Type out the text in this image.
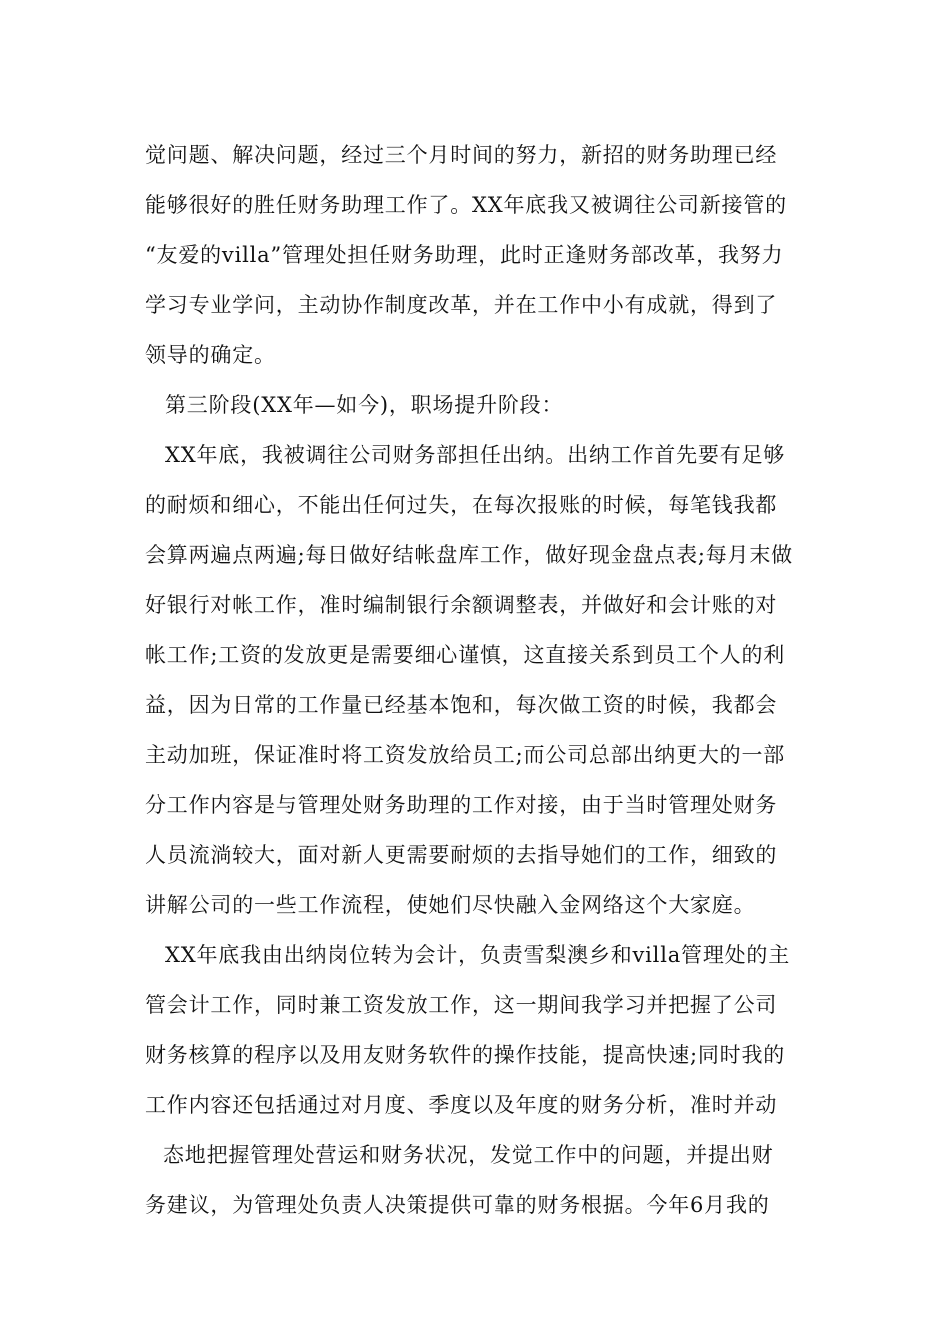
觉问题、解决问题，经过三个月时间的努力，新招的财务助理已经
能够很好的胜任财务助理工作了。XX年底我又被调往公司新接管的
“友爱的villa”管理处担任财务助理，此时正逢财务部改革，我努力
学习专业学问，主动协作制度改革，并在工作中小有成就，得到了
领导的确定。
第三阶段(XX年—如今)，职场提升阶段：
XX年底，我被调往公司财务部担任出纳。出纳工作首先要有足够
的耐烦和细心，不能出任何过失，在每次报账的时候，每笔钱我都
会算两遍点两遍;每日做好结帐盘库工作，做好现金盘点表;每月末做
好银行对帐工作，准时编制银行余额调整表，并做好和会计账的对
帐工作;工资的发放更是需要细心谨慎，这直接关系到员工个人的利
益，因为日常的工作量已经基本饱和，每次做工资的时候，我都会
主动加班，保证准时将工资发放给员工;而公司总部出纳更大的一部
分工作内容是与管理处财务助理的工作对接，由于当时管理处财务
人员流淌较大，面对新人更需要耐烦的去指导她们的工作，细致的
讲解公司的一些工作流程，使她们尽快融入金网络这个大家庭。
XX年底我由出纳岗位转为会计，负责雪梨澳乡和villa管理处的主
管会计工作，同时兼工资发放工作，这一期间我学习并把握了公司
财务核算的程序以及用友财务软件的操作技能，提高快速;同时我的
工作内容还包括通过对月度、季度以及年度的财务分析，准时并动
态地把握管理处营运和财务状况，发觉工作中的问题，并提出财
务建议，为管理处负责人决策提供可靠的财务根据。今年6月我的
